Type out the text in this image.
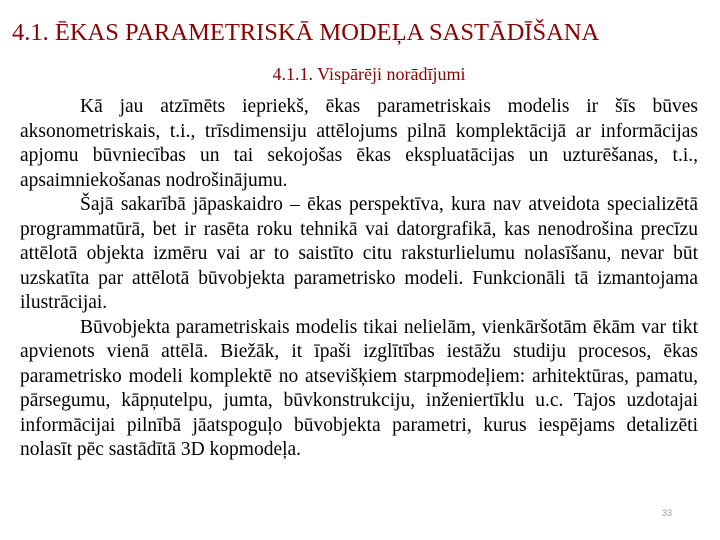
4.1. ĒKAS PARAMETRISKĀ MODEĻA SASTĀDĪŠANA
4.1.1. Vispārēji norādījumi

Kā jau atzīmēts iepriekš, ēkas parametriskais modelis ir šīs būves aksonometriskais, t.i., trīsdimensiju attēlojums pilnā komplektācijā ar informācijas apjomu būvniecības un tai sekojošas ēkas ekspluatācijas un uzturēšanas, t.i., apsaimniekošanas nodrošinājumu.

Šajā sakarībā jāpaskaidro – ēkas perspektīva, kura nav atveidota specializētā programmatūrā, bet ir rasēta roku tehnikā vai datorgrafikā, kas nenodrošina precīzu attēlotā objekta izmēru vai ar to saistīto citu raksturlielumu nolasīšanu, nevar būt uzskatīta par attēlotā būvobjekta parametrisko modeli. Funkcionāli tā izmantojama ilustrācijai.

Būvobjekta parametriskais modelis tikai nelielām, vienkāršotām ēkām var tikt apvienots vienā attēlā. Biežāk, it īpaši izglītības iestāžu studiju procesos, ēkas parametrisko modeli komplektē no atsevišķiem starpmodeļiem: arhitektūras, pamatu, pārsegumu, kāpņutelpu, jumta, būvkonstrukciju, inženiertīklu u.c. Tajos uzdotajai informācijai pilnībā jāatspoguļo būvobjekta parametri, kurus iespējams detalizēti nolasīt pēc sastādītā 3D kopmodeļa.

33
